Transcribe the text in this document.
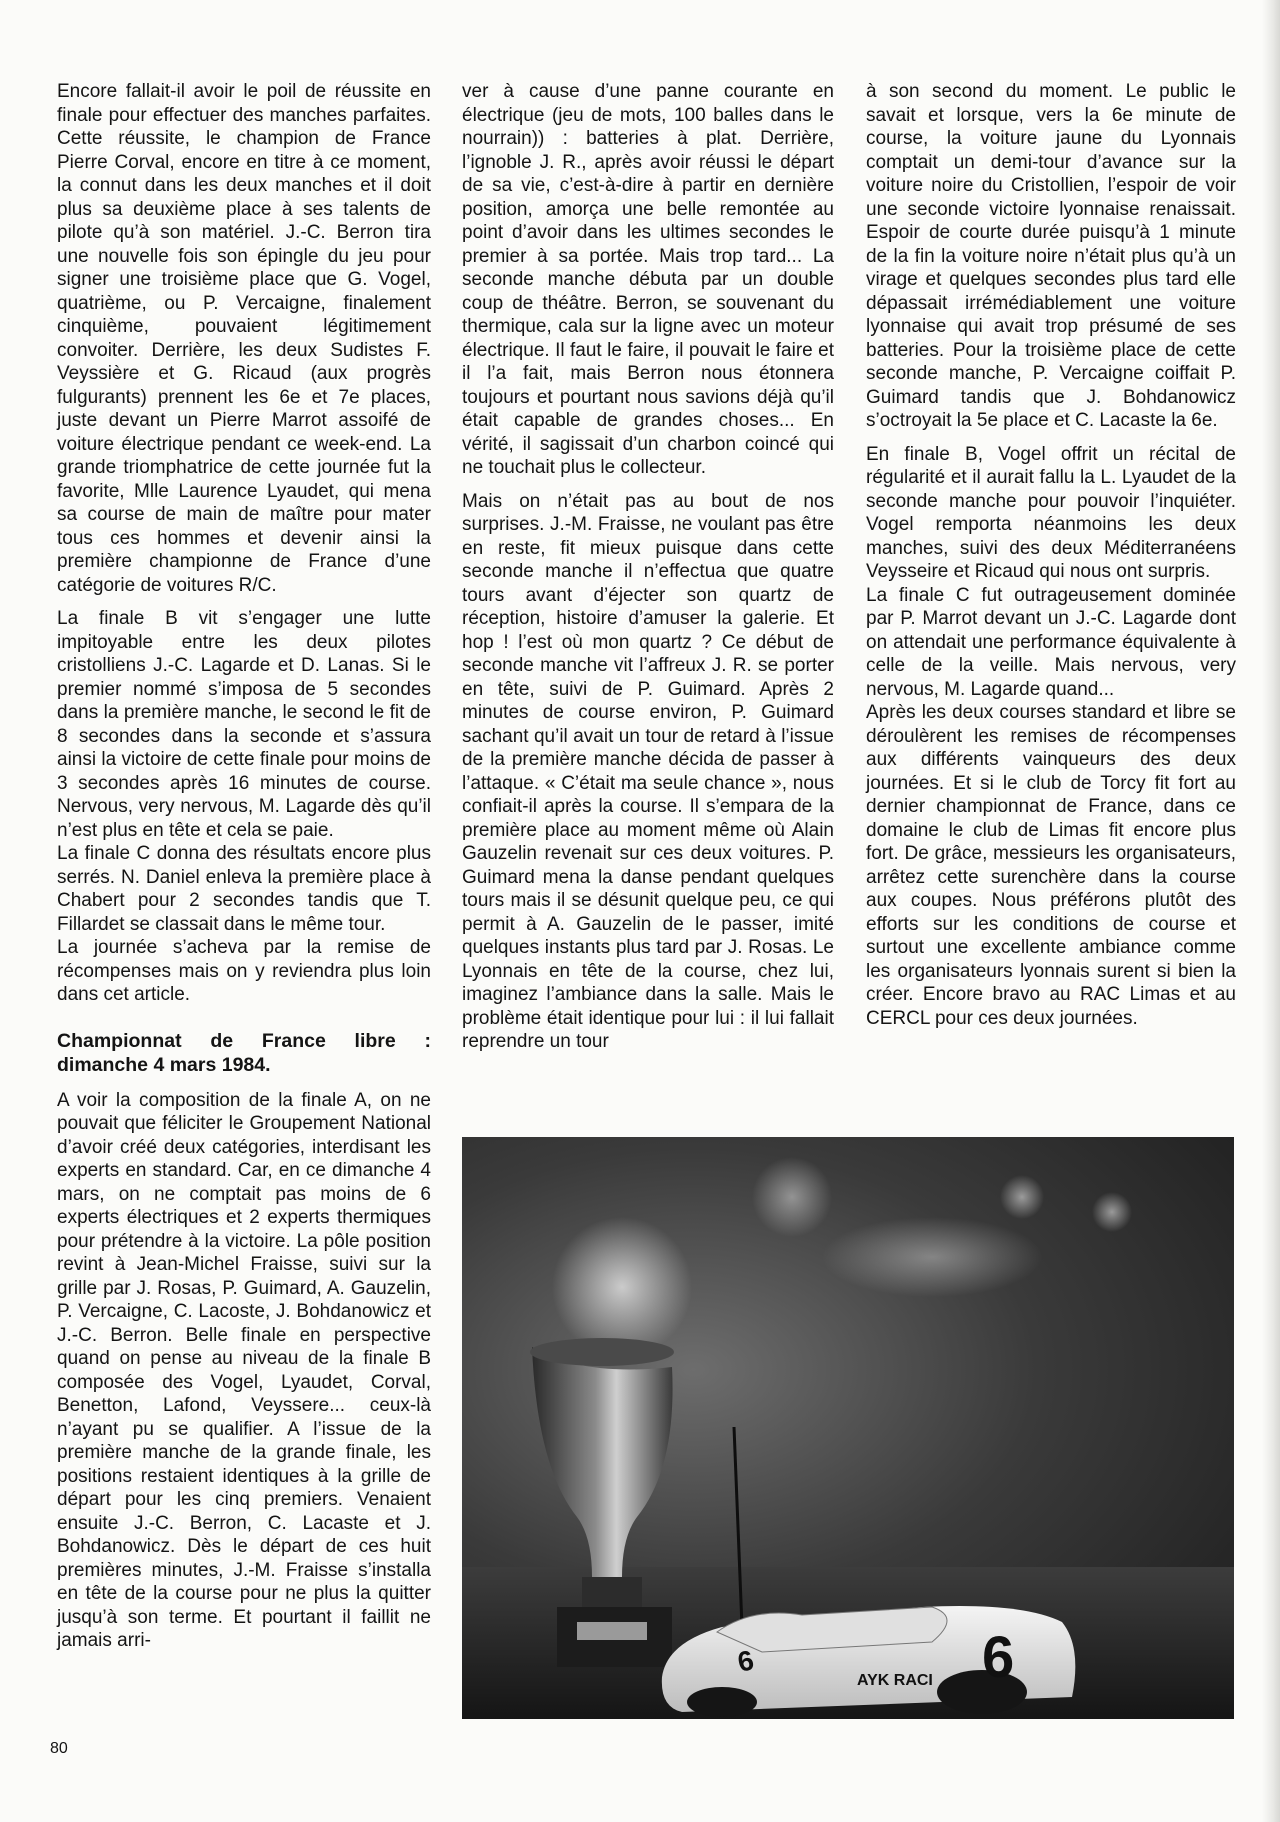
Encore fallait-il avoir le poil de réussite en finale pour effectuer des manches parfaites. Cette réussite, le champion de France Pierre Corval, encore en titre à ce moment, la connut dans les deux manches et il doit plus sa deuxième place à ses talents de pilote qu’à son matériel. J.-C. Berron tira une nouvelle fois son épingle du jeu pour signer une troisième place que G. Vogel, quatrième, ou P. Vercaigne, finalement cinquième, pouvaient légitimement convoiter. Derrière, les deux Sudistes F. Veyssière et G. Ricaud (aux progrès fulgurants) prennent les 6e et 7e places, juste devant un Pierre Marrot assoifé de voiture électrique pendant ce week-end. La grande triomphatrice de cette journée fut la favorite, Mlle Laurence Lyaudet, qui mena sa course de main de maître pour mater tous ces hommes et devenir ainsi la première championne de France d’une catégorie de voitures R/C.

La finale B vit s’engager une lutte impitoyable entre les deux pilotes cristolliens J.-C. Lagarde et D. Lanas. Si le premier nommé s’imposa de 5 secondes dans la première manche, le second le fit de 8 secondes dans la seconde et s’assura ainsi la victoire de cette finale pour moins de 3 secondes après 16 minutes de course. Nervous, very nervous, M. Lagarde dès qu’il n’est plus en tête et cela se paie.

La finale C donna des résultats encore plus serrés. N. Daniel enleva la première place à Chabert pour 2 secondes tandis que T. Fillardet se classait dans le même tour.

La journée s’acheva par la remise de récompenses mais on y reviendra plus loin dans cet article.

Championnat de France libre : dimanche 4 mars 1984.

A voir la composition de la finale A, on ne pouvait que féliciter le Groupement National d’avoir créé deux catégories, interdisant les experts en standard. Car, en ce dimanche 4 mars, on ne comptait pas moins de 6 experts électriques et 2 experts thermiques pour prétendre à la victoire. La pôle position revint à Jean-Michel Fraisse, suivi sur la grille par J. Rosas, P. Guimard, A. Gauzelin, P. Vercaigne, C. Lacoste, J. Bohdanowicz et J.-C. Berron. Belle finale en perspective quand on pense au niveau de la finale B composée des Vogel, Lyaudet, Corval, Benetton, Lafond, Veyssere... ceux-là n’ayant pu se qualifier. A l’issue de la première manche de la grande finale, les positions restaient identiques à la grille de départ pour les cinq premiers. Venaient ensuite J.-C. Berron, C. Lacaste et J. Bohdanowicz. Dès le départ de ces huit premières minutes, J.-M. Fraisse s’installa en tête de la course pour ne plus la quitter jusqu’à son terme. Et pourtant il faillit ne jamais arri-

ver à cause d’une panne courante en électrique (jeu de mots, 100 balles dans le nourrain)) : batteries à plat. Derrière, l’ignoble J. R., après avoir réussi le départ de sa vie, c’est-à-dire à partir en dernière position, amorça une belle remontée au point d’avoir dans les ultimes secondes le premier à sa portée. Mais trop tard... La seconde manche débuta par un double coup de théâtre. Berron, se souvenant du thermique, cala sur la ligne avec un moteur électrique. Il faut le faire, il pouvait le faire et il l’a fait, mais Berron nous étonnera toujours et pourtant nous savions déjà qu’il était capable de grandes choses... En vérité, il sagissait d’un charbon coincé qui ne touchait plus le collecteur.

Mais on n’était pas au bout de nos surprises. J.-M. Fraisse, ne voulant pas être en reste, fit mieux puisque dans cette seconde manche il n’effectua que quatre tours avant d’éjecter son quartz de réception, histoire d’amuser la galerie. Et hop ! l’est où mon quartz ? Ce début de seconde manche vit l’affreux J. R. se porter en tête, suivi de P. Guimard. Après 2 minutes de course environ, P. Guimard sachant qu’il avait un tour de retard à l’issue de la première manche décida de passer à l’attaque. « C’était ma seule chance », nous confiait-il après la course. Il s’empara de la première place au moment même où Alain Gauzelin revenait sur ces deux voitures. P. Guimard mena la danse pendant quelques tours mais il se désunit quelque peu, ce qui permit à A. Gauzelin de le passer, imité quelques instants plus tard par J. Rosas. Le Lyonnais en tête de la course, chez lui, imaginez l’ambiance dans la salle. Mais le problème était identique pour lui : il lui fallait reprendre un tour

à son second du moment. Le public le savait et lorsque, vers la 6e minute de course, la voiture jaune du Lyonnais comptait un demi-tour d’avance sur la voiture noire du Cristollien, l’espoir de voir une seconde victoire lyonnaise renaissait. Espoir de courte durée puisqu’à 1 minute de la fin la voiture noire n’était plus qu’à un virage et quelques secondes plus tard elle dépassait irrémédiablement une voiture lyonnaise qui avait trop présumé de ses batteries. Pour la troisième place de cette seconde manche, P. Vercaigne coiffait P. Guimard tandis que J. Bohdanowicz s’octroyait la 5e place et C. Lacaste la 6e.

En finale B, Vogel offrit un récital de régularité et il aurait fallu la L. Lyaudet de la seconde manche pour pouvoir l’inquiéter. Vogel remporta néanmoins les deux manches, suivi des deux Méditerranéens Veysseire et Ricaud qui nous ont surpris.

La finale C fut outrageusement dominée par P. Marrot devant un J.-C. Lagarde dont on attendait une performance équivalente à celle de la veille. Mais nervous, very nervous, M. Lagarde quand...

Après les deux courses standard et libre se déroulèrent les remises de récompenses aux différents vainqueurs des deux journées. Et si le club de Torcy fit fort au dernier championnat de France, dans ce domaine le club de Limas fit encore plus fort. De grâce, messieurs les organisateurs, arrêtez cette surenchère dans la course aux coupes. Nous préférons plutôt des efforts sur les conditions de course et surtout une excellente ambiance comme les organisateurs lyonnais surent si bien la créer. Encore bravo au RAC Limas et au CERCL pour ces deux journées.

6
6
AYK RACI
80
